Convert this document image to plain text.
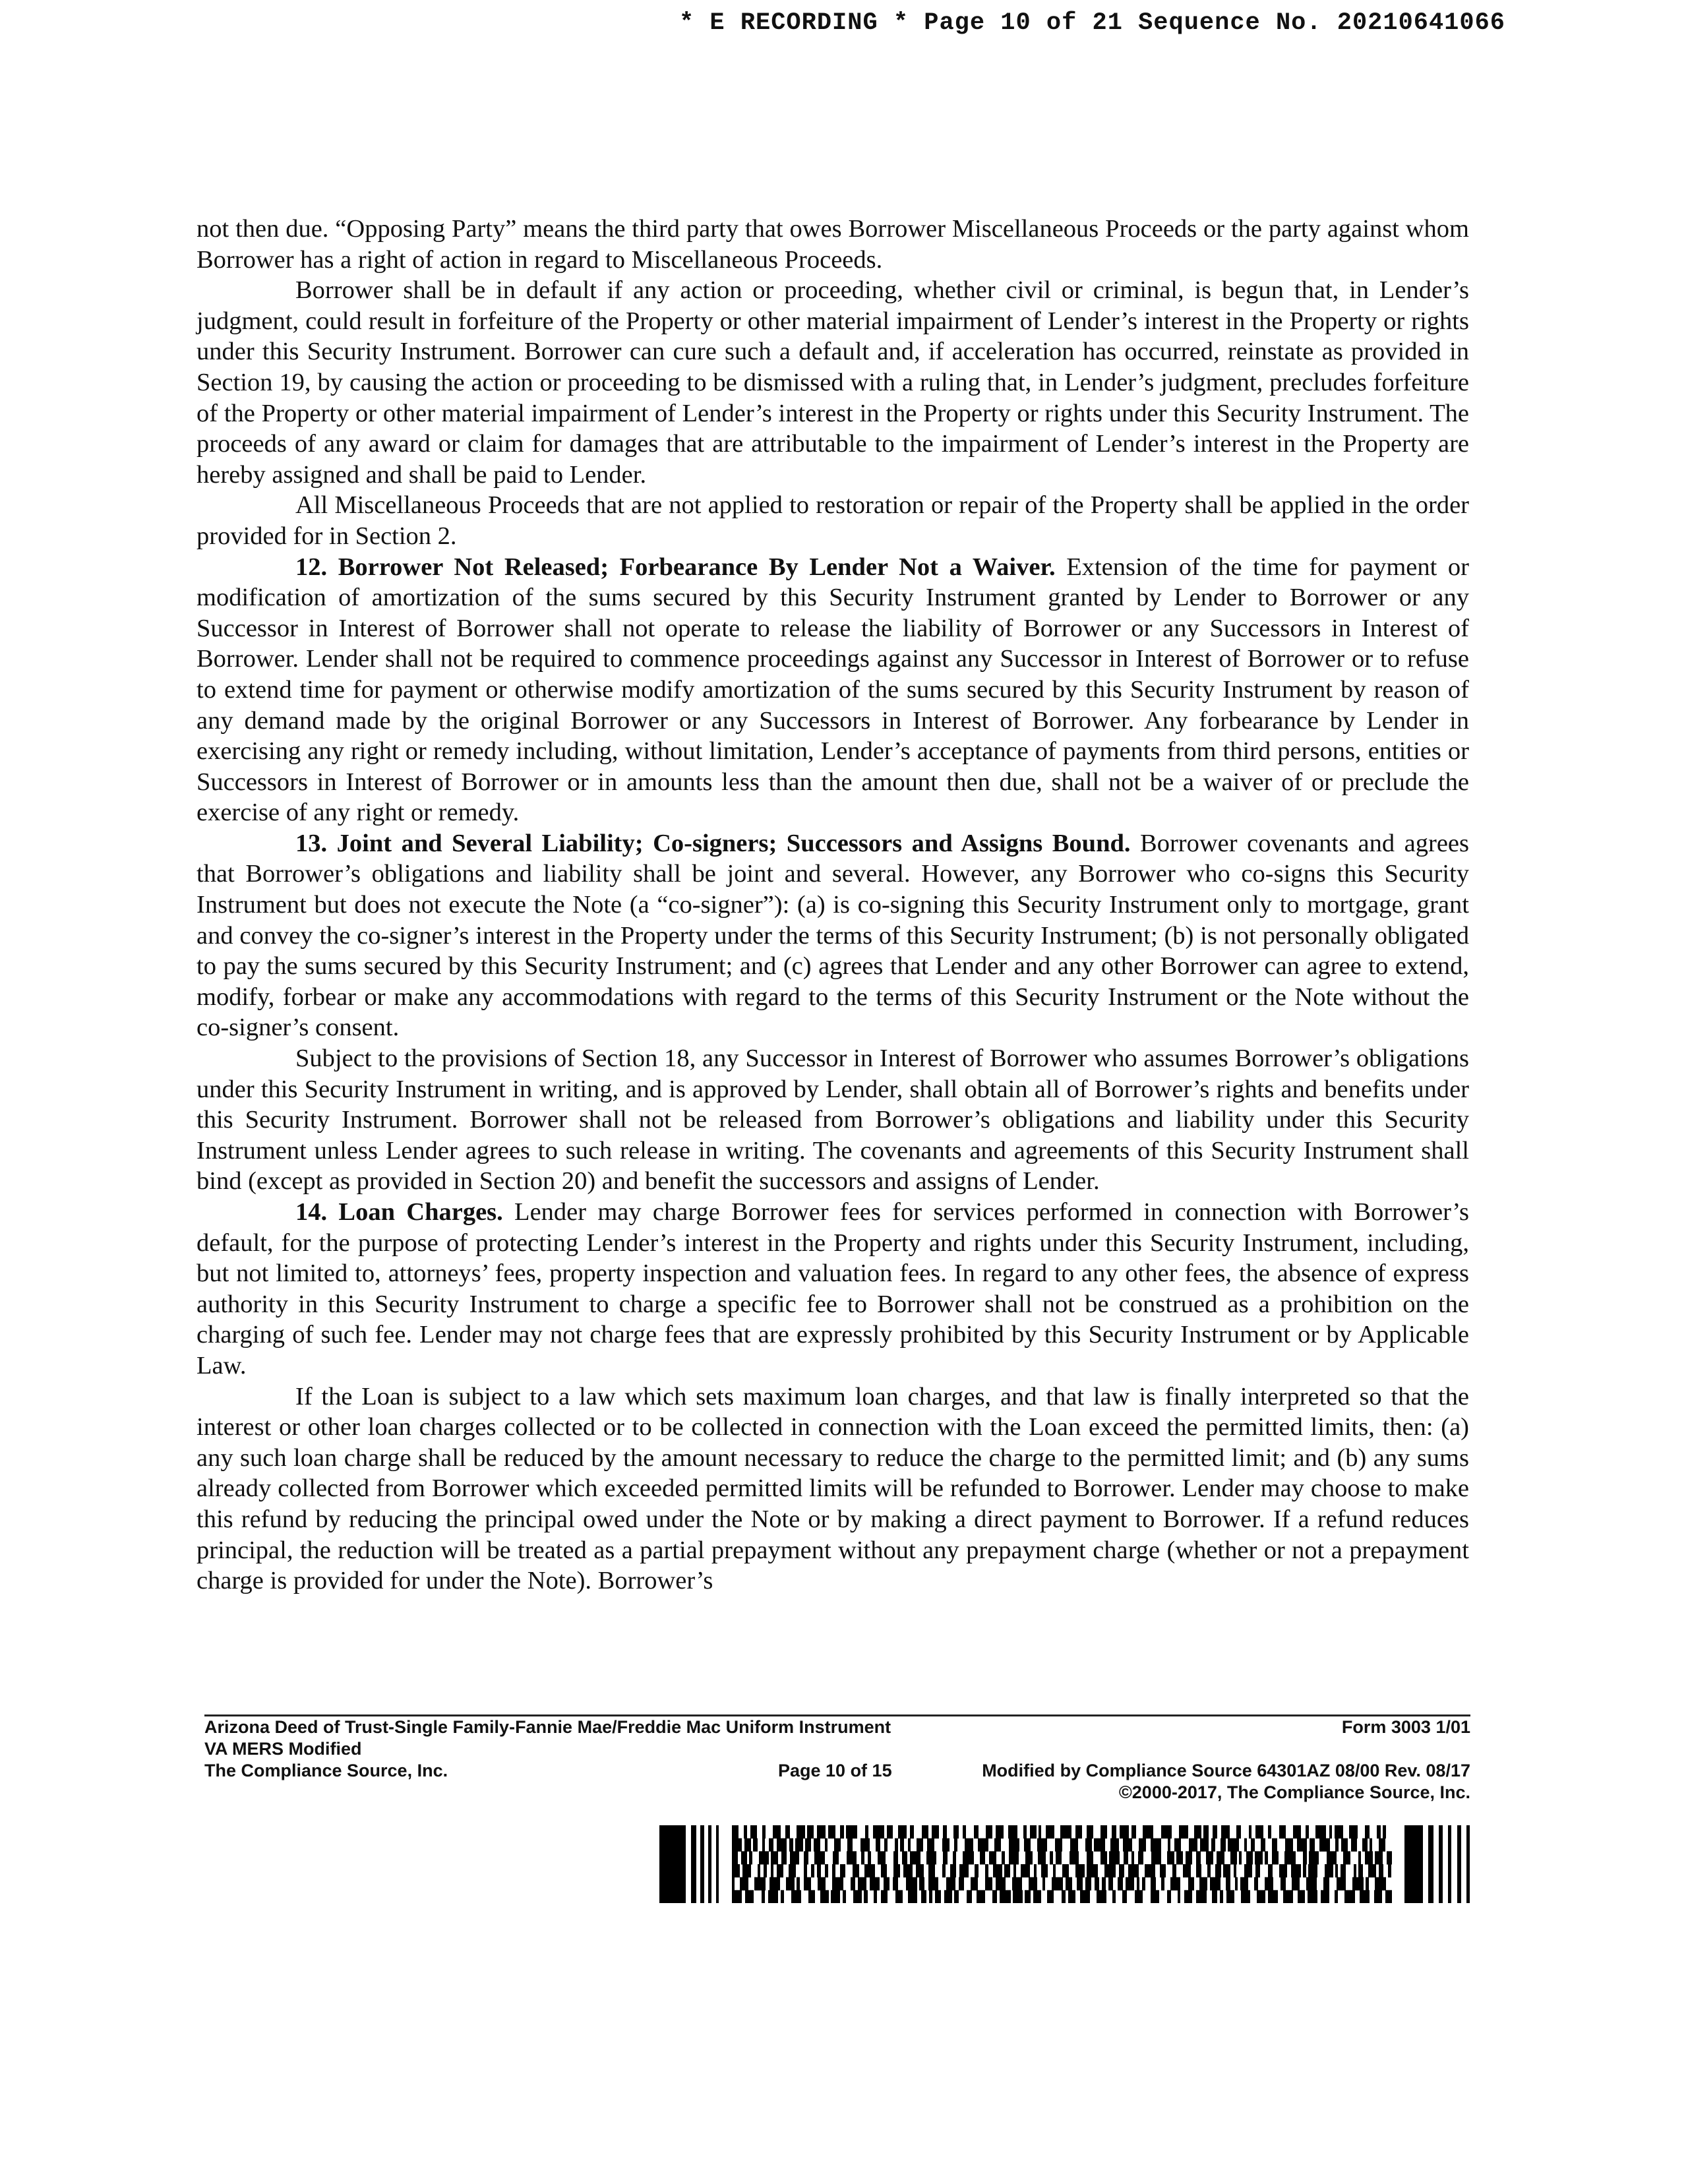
* E RECORDING * Page 10 of 21 Sequence No. 20210641066

not then due. “Opposing Party” means the third party that owes Borrower Miscellaneous Proceeds or the party against whom Borrower has a right of action in regard to Miscellaneous Proceeds.

Borrower shall be in default if any action or proceeding, whether civil or criminal, is begun that, in Lender’s judgment, could result in forfeiture of the Property or other material impairment of Lender’s interest in the Property or rights under this Security Instrument. Borrower can cure such a default and, if acceleration has occurred, reinstate as provided in Section 19, by causing the action or proceeding to be dismissed with a ruling that, in Lender’s judgment, precludes forfeiture of the Property or other material impairment of Lender’s interest in the Property or rights under this Security Instrument. The proceeds of any award or claim for damages that are attributable to the impairment of Lender’s interest in the Property are hereby assigned and shall be paid to Lender.

All Miscellaneous Proceeds that are not applied to restoration or repair of the Property shall be applied in the order provided for in Section 2.

12. Borrower Not Released; Forbearance By Lender Not a Waiver. Extension of the time for payment or modification of amortization of the sums secured by this Security Instrument granted by Lender to Borrower or any Successor in Interest of Borrower shall not operate to release the liability of Borrower or any Successors in Interest of Borrower. Lender shall not be required to commence proceedings against any Successor in Interest of Borrower or to refuse to extend time for payment or otherwise modify amortization of the sums secured by this Security Instrument by reason of any demand made by the original Borrower or any Successors in Interest of Borrower. Any forbearance by Lender in exercising any right or remedy including, without limitation, Lender’s acceptance of payments from third persons, entities or Successors in Interest of Borrower or in amounts less than the amount then due, shall not be a waiver of or preclude the exercise of any right or remedy.

13. Joint and Several Liability; Co-signers; Successors and Assigns Bound. Borrower covenants and agrees that Borrower’s obligations and liability shall be joint and several. However, any Borrower who co-signs this Security Instrument but does not execute the Note (a “co-signer”): (a) is co-signing this Security Instrument only to mortgage, grant and convey the co-signer’s interest in the Property under the terms of this Security Instrument; (b) is not personally obligated to pay the sums secured by this Security Instrument; and (c) agrees that Lender and any other Borrower can agree to extend, modify, forbear or make any accommodations with regard to the terms of this Security Instrument or the Note without the co-signer’s consent.

Subject to the provisions of Section 18, any Successor in Interest of Borrower who assumes Borrower’s obligations under this Security Instrument in writing, and is approved by Lender, shall obtain all of Borrower’s rights and benefits under this Security Instrument. Borrower shall not be released from Borrower’s obligations and liability under this Security Instrument unless Lender agrees to such release in writing. The covenants and agreements of this Security Instrument shall bind (except as provided in Section 20) and benefit the successors and assigns of Lender.

14. Loan Charges. Lender may charge Borrower fees for services performed in connection with Borrower’s default, for the purpose of protecting Lender’s interest in the Property and rights under this Security Instrument, including, but not limited to, attorneys’ fees, property inspection and valuation fees. In regard to any other fees, the absence of express authority in this Security Instrument to charge a specific fee to Borrower shall not be construed as a prohibition on the charging of such fee. Lender may not charge fees that are expressly prohibited by this Security Instrument or by Applicable Law.

If the Loan is subject to a law which sets maximum loan charges, and that law is finally interpreted so that the interest or other loan charges collected or to be collected in connection with the Loan exceed the permitted limits, then: (a) any such loan charge shall be reduced by the amount necessary to reduce the charge to the permitted limit; and (b) any sums already collected from Borrower which exceeded permitted limits will be refunded to Borrower. Lender may choose to make this refund by reducing the principal owed under the Note or by making a direct payment to Borrower. If a refund reduces principal, the reduction will be treated as a partial prepayment without any prepayment charge (whether or not a prepayment charge is provided for under the Note). Borrower’s

Arizona Deed of Trust-Single Family-Fannie Mae/Freddie Mac Uniform Instrument	Form 3003 1/01
VA MERS Modified
The Compliance Source, Inc.	Page 10 of 15	Modified by Compliance Source 64301AZ 08/00 Rev. 08/17
©2000-2017, The Compliance Source, Inc.
